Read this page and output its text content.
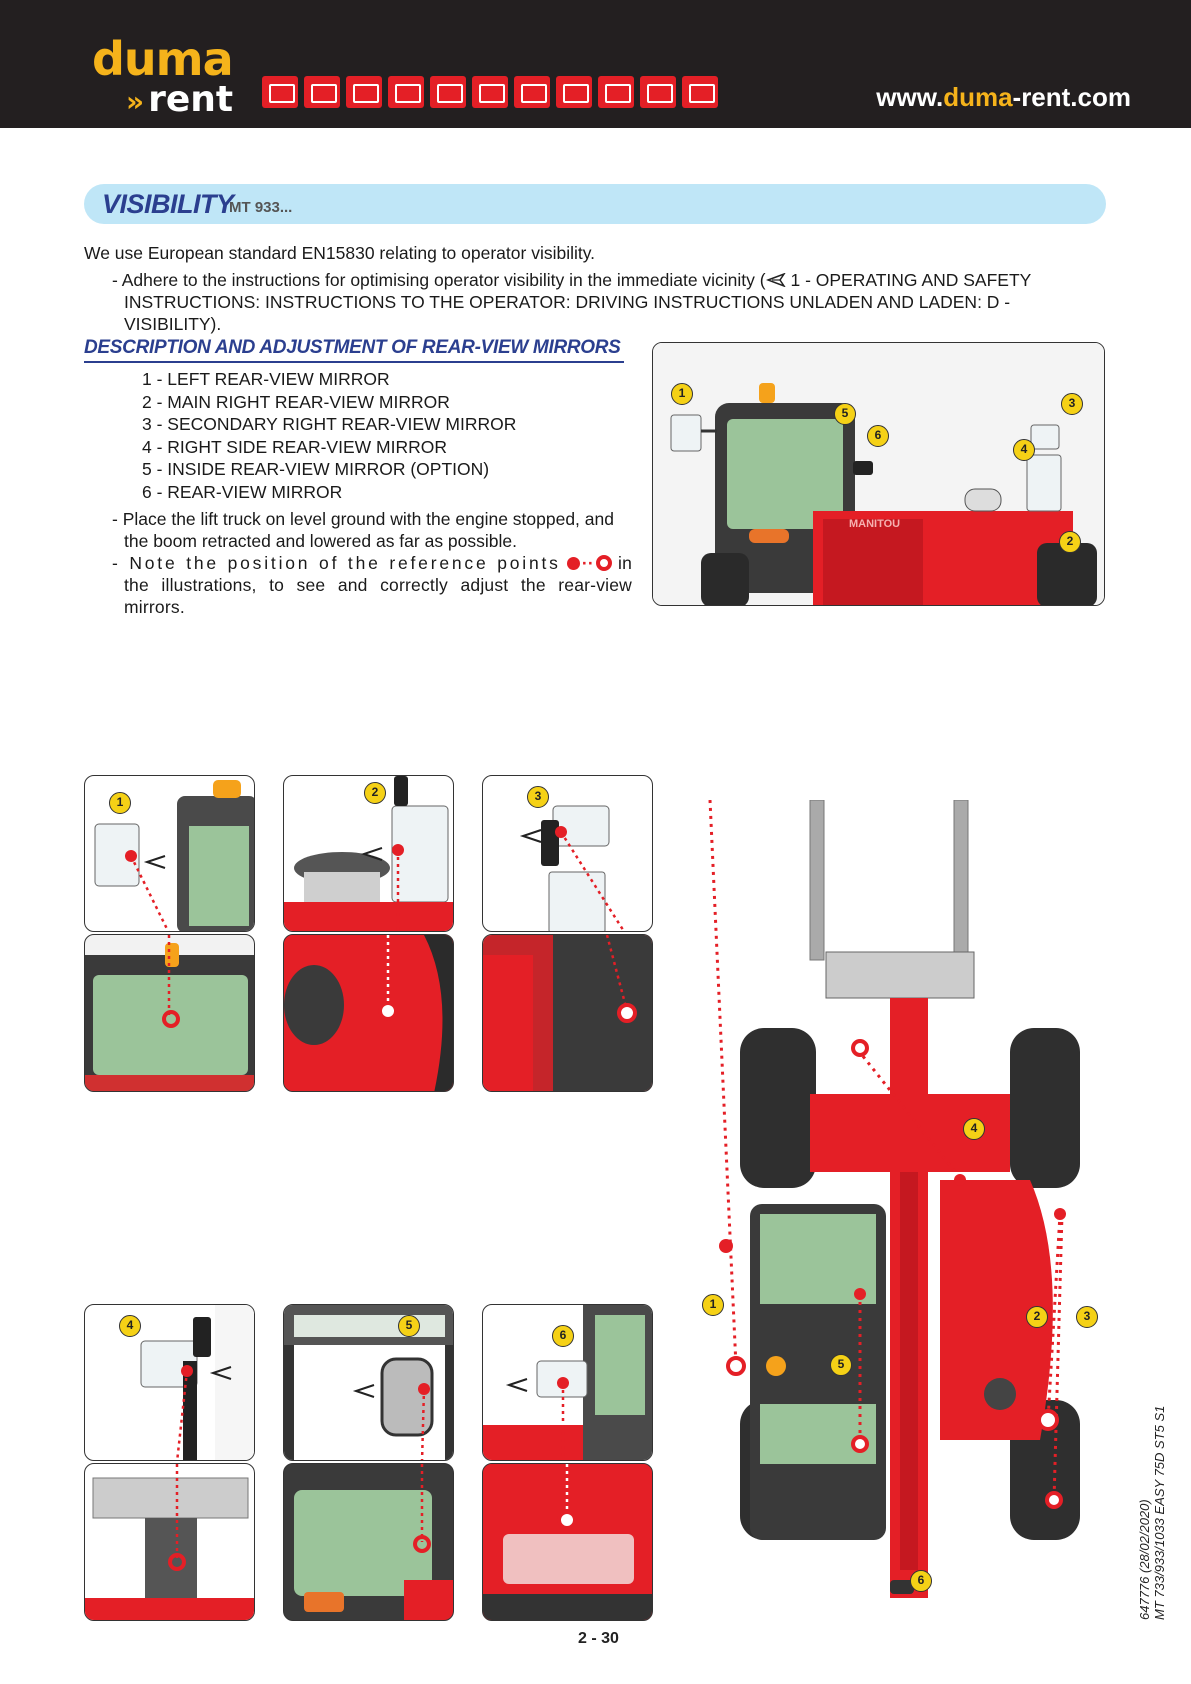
duma
» rent	www.duma-rent.com
VISIBILITY
MT 933...
We use European standard EN15830 relating to operator visibility.
- Adhere to the instructions for optimising operator visibility in the immediate vicinity ( 1 - OPERATING AND SAFETY INSTRUCTIONS: INSTRUCTIONS TO THE OPERATOR: DRIVING INSTRUCTIONS UNLADEN AND LADEN: D - VISIBILITY).
DESCRIPTION AND ADJUSTMENT OF REAR-VIEW MIRRORS
1 - LEFT REAR-VIEW MIRROR
2 - MAIN RIGHT REAR-VIEW MIRROR
3 - SECONDARY RIGHT REAR-VIEW MIRROR
4 - RIGHT SIDE REAR-VIEW MIRROR
5 - INSIDE REAR-VIEW MIRROR (OPTION)
6 - REAR-VIEW MIRROR
- Place the lift truck on level ground with the engine stopped, and the boom retracted and lowered as far as possible.
- Note the position of the reference points ·· in the illustrations, to see and correctly adjust the rear-view mirrors.
MANITOU
1
5
6
4
3
2
1
2	3
4	5
6
4
1
2	3
5
6
2 - 30
647776 (28/02/2020) MT 733/933/1033 EASY 75D ST5 S1
